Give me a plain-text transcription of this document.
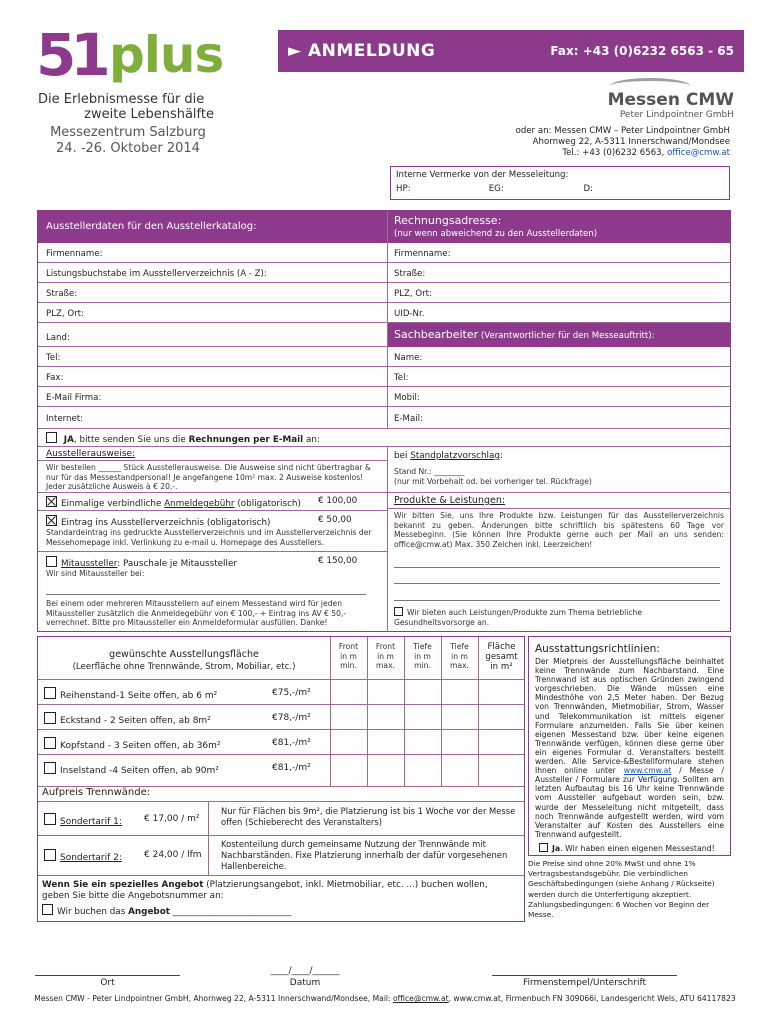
51 plus
Die Erlebnismesse für die
zweite Lebenshälfte
Messezentrum Salzburg
24. -26. Oktober 2014
► ANMELDUNG	Fax: +43 (0)6232 6563 - 65
Messen CMW
Peter Lindpointner GmbH
oder an: Messen CMW – Peter Lindpointner GmbH
Ahornweg 22, A-5311 Innerschwand/Mondsee
Tel.: +43 (0)6232 6563, office@cmw.at
Interne Vermerke von der Messeleitung:
HP:	EG:	D:
Ausstellerdaten für den Ausstellerkatalog:	Rechnungsadresse:
(nur wenn abweichend zu den Ausstellerdaten)
Firmenname:
Listungsbuchstabe im Ausstellerverzeichnis (A - Z):
Straße:
PLZ, Ort:
Land:
Tel:
Fax:
E-Mail Firma:
Internet:
Firmenname:
Straße:
PLZ, Ort:
UID-Nr.
Sachbearbeiter (Verantwortlicher für den Messeauftritt):
Name:
Tel:
Mobil:
E-Mail:
JA, bitte senden Sie uns die Rechnungen per E-Mail an:
Ausstellerausweise:
Wir bestellen ______ Stück Ausstellerausweise. Die Ausweise sind nicht übertragbar & nur für das Messestandpersonal! Je angefangene 10m² max. 2 Ausweise kostenlos! Jeder zusätzliche Ausweis à € 20,-.
Einmalige verbindliche Anmeldegebühr (obligatorisch) € 100,00
Eintrag ins Ausstellerverzeichnis (obligatorisch)	€ 50,00
Standardeintrag ins gedruckte Ausstellerverzeichnis und im Ausstellerverzeichnis der Messehomepage inkl. Verlinkung zu e-mail u. Homepage des Ausstellers.
Mitaussteller: Pauschale je Mitaussteller	€ 150,00
Wir sind Mitaussteller bei:
Bei einem oder mehreren Mitausstellern auf einem Messestand wird für jeden Mitaussteller zusätzlich die Anmeldegebühr von € 100,- + Eintrag ins AV € 50,- verrechnet. Bitte pro Mitaussteller ein Anmeldeformular ausfüllen. Danke!
bei Standplatzvorschlag:
Stand Nr.: ________
(nur mit Vorbehalt od. bei vorheriger tel. Rückfrage)
Produkte & Leistungen:
Wir bitten Sie, uns Ihre Produkte bzw. Leistungen für das Ausstellerverzeichnis bekannt zu geben. Änderungen bitte schriftlich bis spätestens 60 Tage vor Messebeginn. (Sie können Ihre Produkte gerne auch per Mail an uns senden: office@cmw.at) Max. 350 Zeichen inkl. Leerzeichen!
Wir bieten auch Leistungen/Produkte zum Thema betriebliche Gesundheitsvorsorge an.
gewünschte Ausstellungsfläche
(Leerfläche ohne Trennwände, Strom, Mobiliar, etc.)
Front
in m
min.
Front
in m
max.
Tiefe
in m
min.
Tiefe
in m
max.
Fläche
gesamt
in m²
Reihenstand-1 Seite offen, ab 6 m²	€75,-/m²
Eckstand - 2 Seiten offen, ab 8m²	€78,-/m²
Kopfstand - 3 Seiten offen, ab 36m²	€81,-/m²
Inselstand -4 Seiten offen, ab 90m²	€81,-/m²
Aufpreis Trennwände:
Sondertarif 1: € 17,00 / m²
Nur für Flächen bis 9m², die Platzierung ist bis 1 Woche vor der Messe offen (Schieberecht des Veranstalters)
Sondertarif 2: € 24,00 / lfm
Kostenteilung durch gemeinsame Nutzung der Trennwände mit Nachbarständen. Fixe Platzierung innerhalb der dafür vorgesehenen Hallenbereiche.
Wenn Sie ein spezielles Angebot (Platzierungsangebot, inkl. Mietmobiliar, etc. ...) buchen wollen, geben Sie bitte die Angebotsnummer an:
Wir buchen das Angebot ___________________________
Ausstattungsrichtlinien:
Der Mietpreis der Ausstellungsfläche beinhaltet keine Trennwände zum Nachbarstand. Eine Trennwand ist aus optischen Gründen zwingend vorgeschrieben. Die Wände müssen eine Mindesthöhe von 2,5 Meter haben. Der Bezug von Trennwänden, Mietmobiliar, Strom, Wasser und Telekommunikation ist mittels eigener Formulare anzumelden. Falls Sie über keinen eigenen Messestand bzw. über keine eigenen Trennwände verfügen, können diese gerne über ein eigenes Formular d. Veranstalters bestellt werden. Alle Service-&Bestellformulare stehen Ihnen online unter www.cmw.at / Messe / Aussteller / Formulare zur Verfügung. Sollten am letzten Aufbautag bis 16 Uhr keine Trennwände vom Aussteller aufgebaut worden sein, bzw. wurde der Messeleitung nicht mitgeteilt, dass noch Trennwände aufgestellt werden, wird vom Veranstalter auf Kosten des Ausstellers eine Trennwand aufgestellt.
Ja. Wir haben einen eigenen Messestand!
Die Preise sind ohne 20% MwSt und ohne 1% Vertragsbestandsgebühr. Die verbindlichen Geschäftsbedingungen (siehe Anhang / Rückseite) werden durch die Unterfertigung akzeptiert. Zahlungsbedingungen: 6 Wochen vor Beginn der Messe.
Ort
____/____/______
Datum	Firmenstempel/Unterschrift
Messen CMW - Peter Lindpointner GmbH, Ahornweg 22, A-5311 Innerschwand/Mondsee, Mail: office@cmw.at, www.cmw.at, Firmenbuch FN 309066i, Landesgericht Wels, ATU 64117823
